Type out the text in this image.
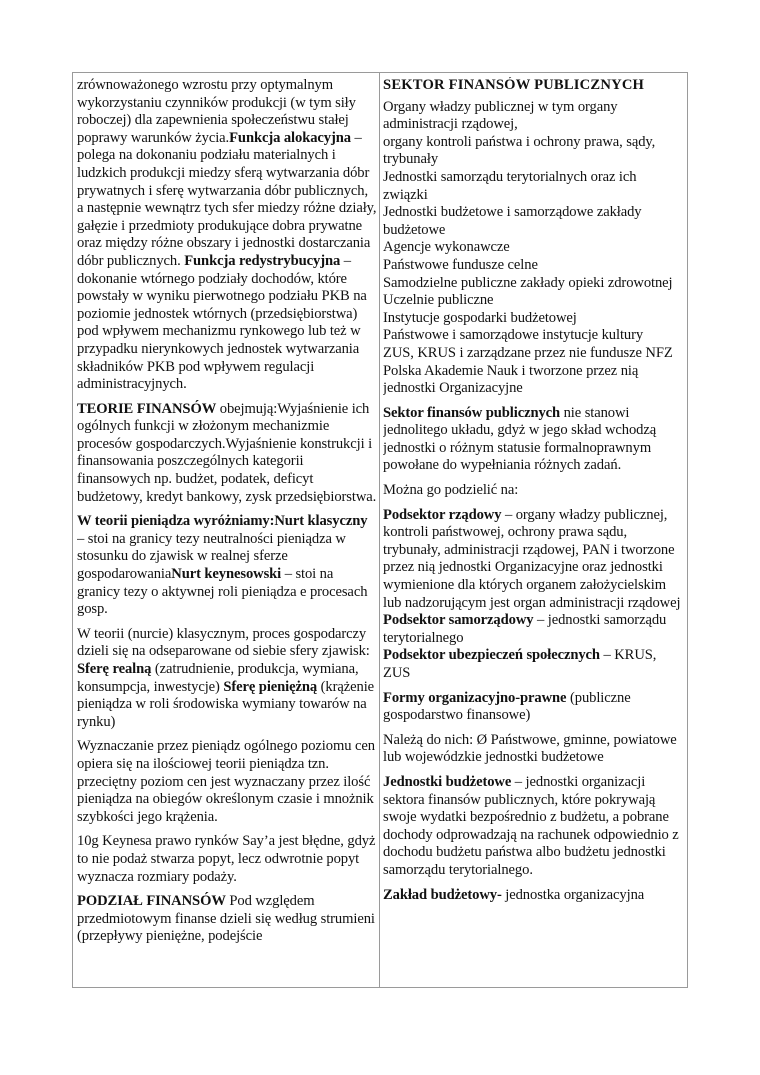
zrównoważonego wzrostu przy optymalnym wykorzystaniu czynników produkcji (w tym siły roboczej) dla zapewnienia społeczeństwu stałej poprawy warunków życia.Funkcja alokacyjna – polega na dokonaniu podziału materialnych i ludzkich produkcji miedzy sferą wytwarzania dóbr prywatnych i sferę wytwarzania dóbr publicznych, a następnie wewnątrz tych sfer miedzy różne działy, gałęzie i przedmioty produkujące dobra prywatne oraz między różne obszary i jednostki dostarczania dóbr publicznych. Funkcja redystrybucyjna – dokonanie wtórnego podziały dochodów, które powstały w wyniku pierwotnego podziału PKB na poziomie jednostek wtórnych (przedsiębiorstwa) pod wpływem mechanizmu rynkowego lub też w przypadku nierynkowych jednostek wytwarzania składników PKB pod wpływem regulacji administracyjnych.

TEORIE FINANSÓW obejmują:Wyjaśnienie ich ogólnych funkcji w złożonym mechanizmie procesów gospodarczych.Wyjaśnienie konstrukcji i finansowania poszczególnych kategorii finansowych np. budżet, podatek, deficyt budżetowy, kredyt bankowy, zysk przedsiębiorstwa.

W teorii pieniądza wyróżniamy:Nurt klasyczny – stoi na granicy tezy neutralności pieniądza w stosunku do zjawisk w realnej sferze gospodarowaniaNurt keynesowski – stoi na granicy tezy o aktywnej roli pieniądza e procesach gosp.

W teorii (nurcie) klasycznym, proces gospodarczy dzieli się na odseparowane od siebie sfery zjawisk: Sferę realną (zatrudnienie, produkcja, wymiana, konsumpcja, inwestycje) Sferę pieniężną (krążenie pieniądza w roli środowiska wymiany towarów na rynku)

Wyznaczanie przez pieniądz ogólnego poziomu cen opiera się na ilościowej teorii pieniądza tzn. przeciętny poziom cen jest wyznaczany przez ilość pieniądza na obiegów określonym czasie i mnożnik szybkości jego krążenia.

10g Keynesa prawo rynków Say’a jest błędne, gdyż to nie podaż stwarza popyt, lecz odwrotnie popyt wyznacza rozmiary podaży.

PODZIAŁ FINANSÓW Pod względem przedmiotowym finanse dzieli się według strumieni (przepływy pieniężne, podejście

SEKTOR FINANSÓW PUBLICZNYCH

Organy władzy publicznej w tym organy administracji rządowej,
organy kontroli państwa i ochrony prawa, sądy, trybunały
Jednostki samorządu terytorialnych oraz ich związki
Jednostki budżetowe i samorządowe zakłady budżetowe
Agencje wykonawcze
Państwowe fundusze celne
Samodzielne publiczne zakłady opieki zdrowotnej
Uczelnie publiczne
Instytucje gospodarki budżetowej
Państwowe i samorządowe instytucje kultury
ZUS, KRUS i zarządzane przez nie fundusze NFZ
Polska Akademie Nauk i tworzone przez nią jednostki Organizacyjne

Sektor finansów publicznych nie stanowi jednolitego układu, gdyż w jego skład wchodzą jednostki o różnym statusie formalnoprawnym powołane do wypełniania różnych zadań.

Można go podzielić na:

Podsektor rządowy – organy władzy publicznej, kontroli państwowej, ochrony prawa sądu, trybunały, administracji rządowej, PAN i tworzone przez nią jednostki Organizacyjne oraz jednostki wymienione dla których organem założycielskim lub nadzorującym jest organ administracji rządowej
Podsektor samorządowy – jednostki samorządu terytorialnego
Podsektor ubezpieczeń społecznych – KRUS, ZUS

Formy organizacyjno-prawne (publiczne gospodarstwo finansowe)

Należą do nich: Ø Państwowe, gminne, powiatowe lub wojewódzkie jednostki budżetowe

Jednostki budżetowe – jednostki organizacji sektora finansów publicznych, które pokrywają swoje wydatki bezpośrednio z budżetu, a pobrane dochody odprowadzają na rachunek odpowiednio z dochodu budżetu państwa albo budżetu jednostki samorządu terytorialnego.

Zakład budżetowy- jednostka organizacyjna
